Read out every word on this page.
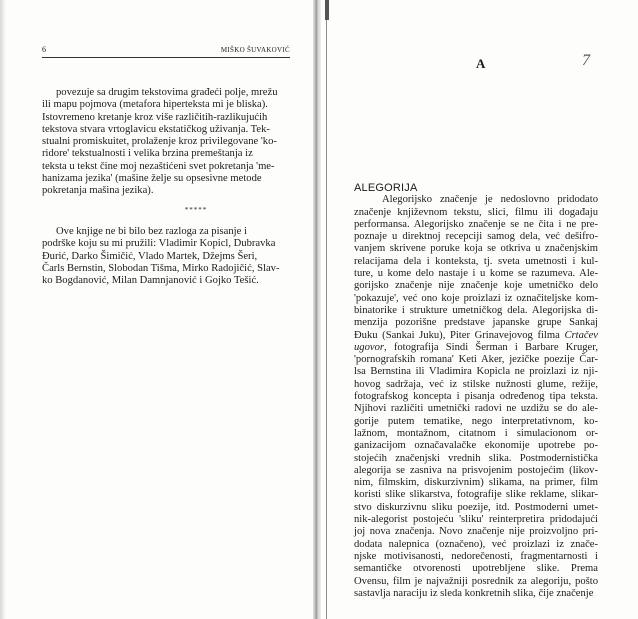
6	MIŠKO ŠUVAKOVIĆ

povezuje sa drugim tekstovima građeći polje, mrežu
ili mapu pojmova (metafora hiperteksta mi je bliska).
Istovremeno kretanje kroz više različitih-razlikujućih
tekstova stvara vrtoglavicu ekstatičkog uživanja. Tek-
stualni promiskuitet, prolaženje kroz privilegovane 'ko-
ridore' tekstualnosti i velika brzina premeštanja iz
teksta u tekst čine moj nezaštićeni svet pokretanja 'me-
hanizama jezika' (mašine želje su opsesivne metode
pokretanja mašina jezika).

*****

Ove knjige ne bi bilo bez razloga za pisanje i
podrške koju su mi pružili: Vladimir Kopicl, Dubravka
Đurić, Darko Šimičić, Vlado Martek, Džejms Šeri,
Čarls Bernstin, Slobodan Tišma, Mirko Radojičić, Slav-
ko Bogdanović, Milan Damnjanović i Gojko Tešić.

A	7
ALEGORIJA
Alegorijsko značenje je nedoslovno pridodato
značenje književnom tekstu, slici, filmu ili događaju
performansa. Alegorijsko značenje se ne čita i ne pre-
poznaje u direktnoj recepciji samog dela, već dešifro-
vanjem skrivene poruke koja se otkriva u značenjskim
relacijama dela i konteksta, tj. sveta umetnosti i kul-
ture, u kome delo nastaje i u kome se razumeva. Ale-
gorijsko značenje nije značenje koje umetničko delo
'pokazuje', već ono koje proizlazi iz označiteljske kom-
binatorike i strukture umetničkog dela. Alegorijska di-
menzija pozorišne predstave japanske grupe Sankaj
Đuku (Sankai Juku), Piter Grinavejovog filma Crtačev
ugovor, fotografija Sindi Šerman i Barbare Kruger,
'pornografskih romana' Keti Aker, jezičke poezije Čar-
lsa Bernstina ili Vladimira Kopicla ne proizlazi iz nji-
hovog sadržaja, već iz stilske nužnosti glume, režije,
fotografskog koncepta i pisanja određenog tipa teksta.
Njihovi različiti umetnički radovi ne uzdižu se do ale-
gorije putem tematike, nego interpretativnom, ko-
lažnom, montažnom, citatnom i simulacionom or-
ganizacijom označavalačke ekonomije upotrebe po-
stojećih značenjski vrednih slika. Postmodernistička
alegorija se zasniva na prisvojenim postojećim (likov-
nim, filmskim, diskurzivnim) slikama, na primer, film
koristi slike slikarstva, fotografije slike reklame, slikar-
stvo diskurzivnu sliku poezije, itd. Postmoderni umet-
nik-alegorist postojeću 'sliku' reinterpretira pridodajući
joj nova značenja. Novo značenje nije proizvoljno pri-
dodata nalepnica (označeno), već proizlazi iz znače-
njske motivisanosti, nedorečenosti, fragmentarnosti i
semantičke otvorenosti upotrebljene slike. Prema
Ovensu, film je najvažniji posrednik za alegoriju, pošto
sastavlja naraciju iz sleda konkretnih slika, čije značenje
